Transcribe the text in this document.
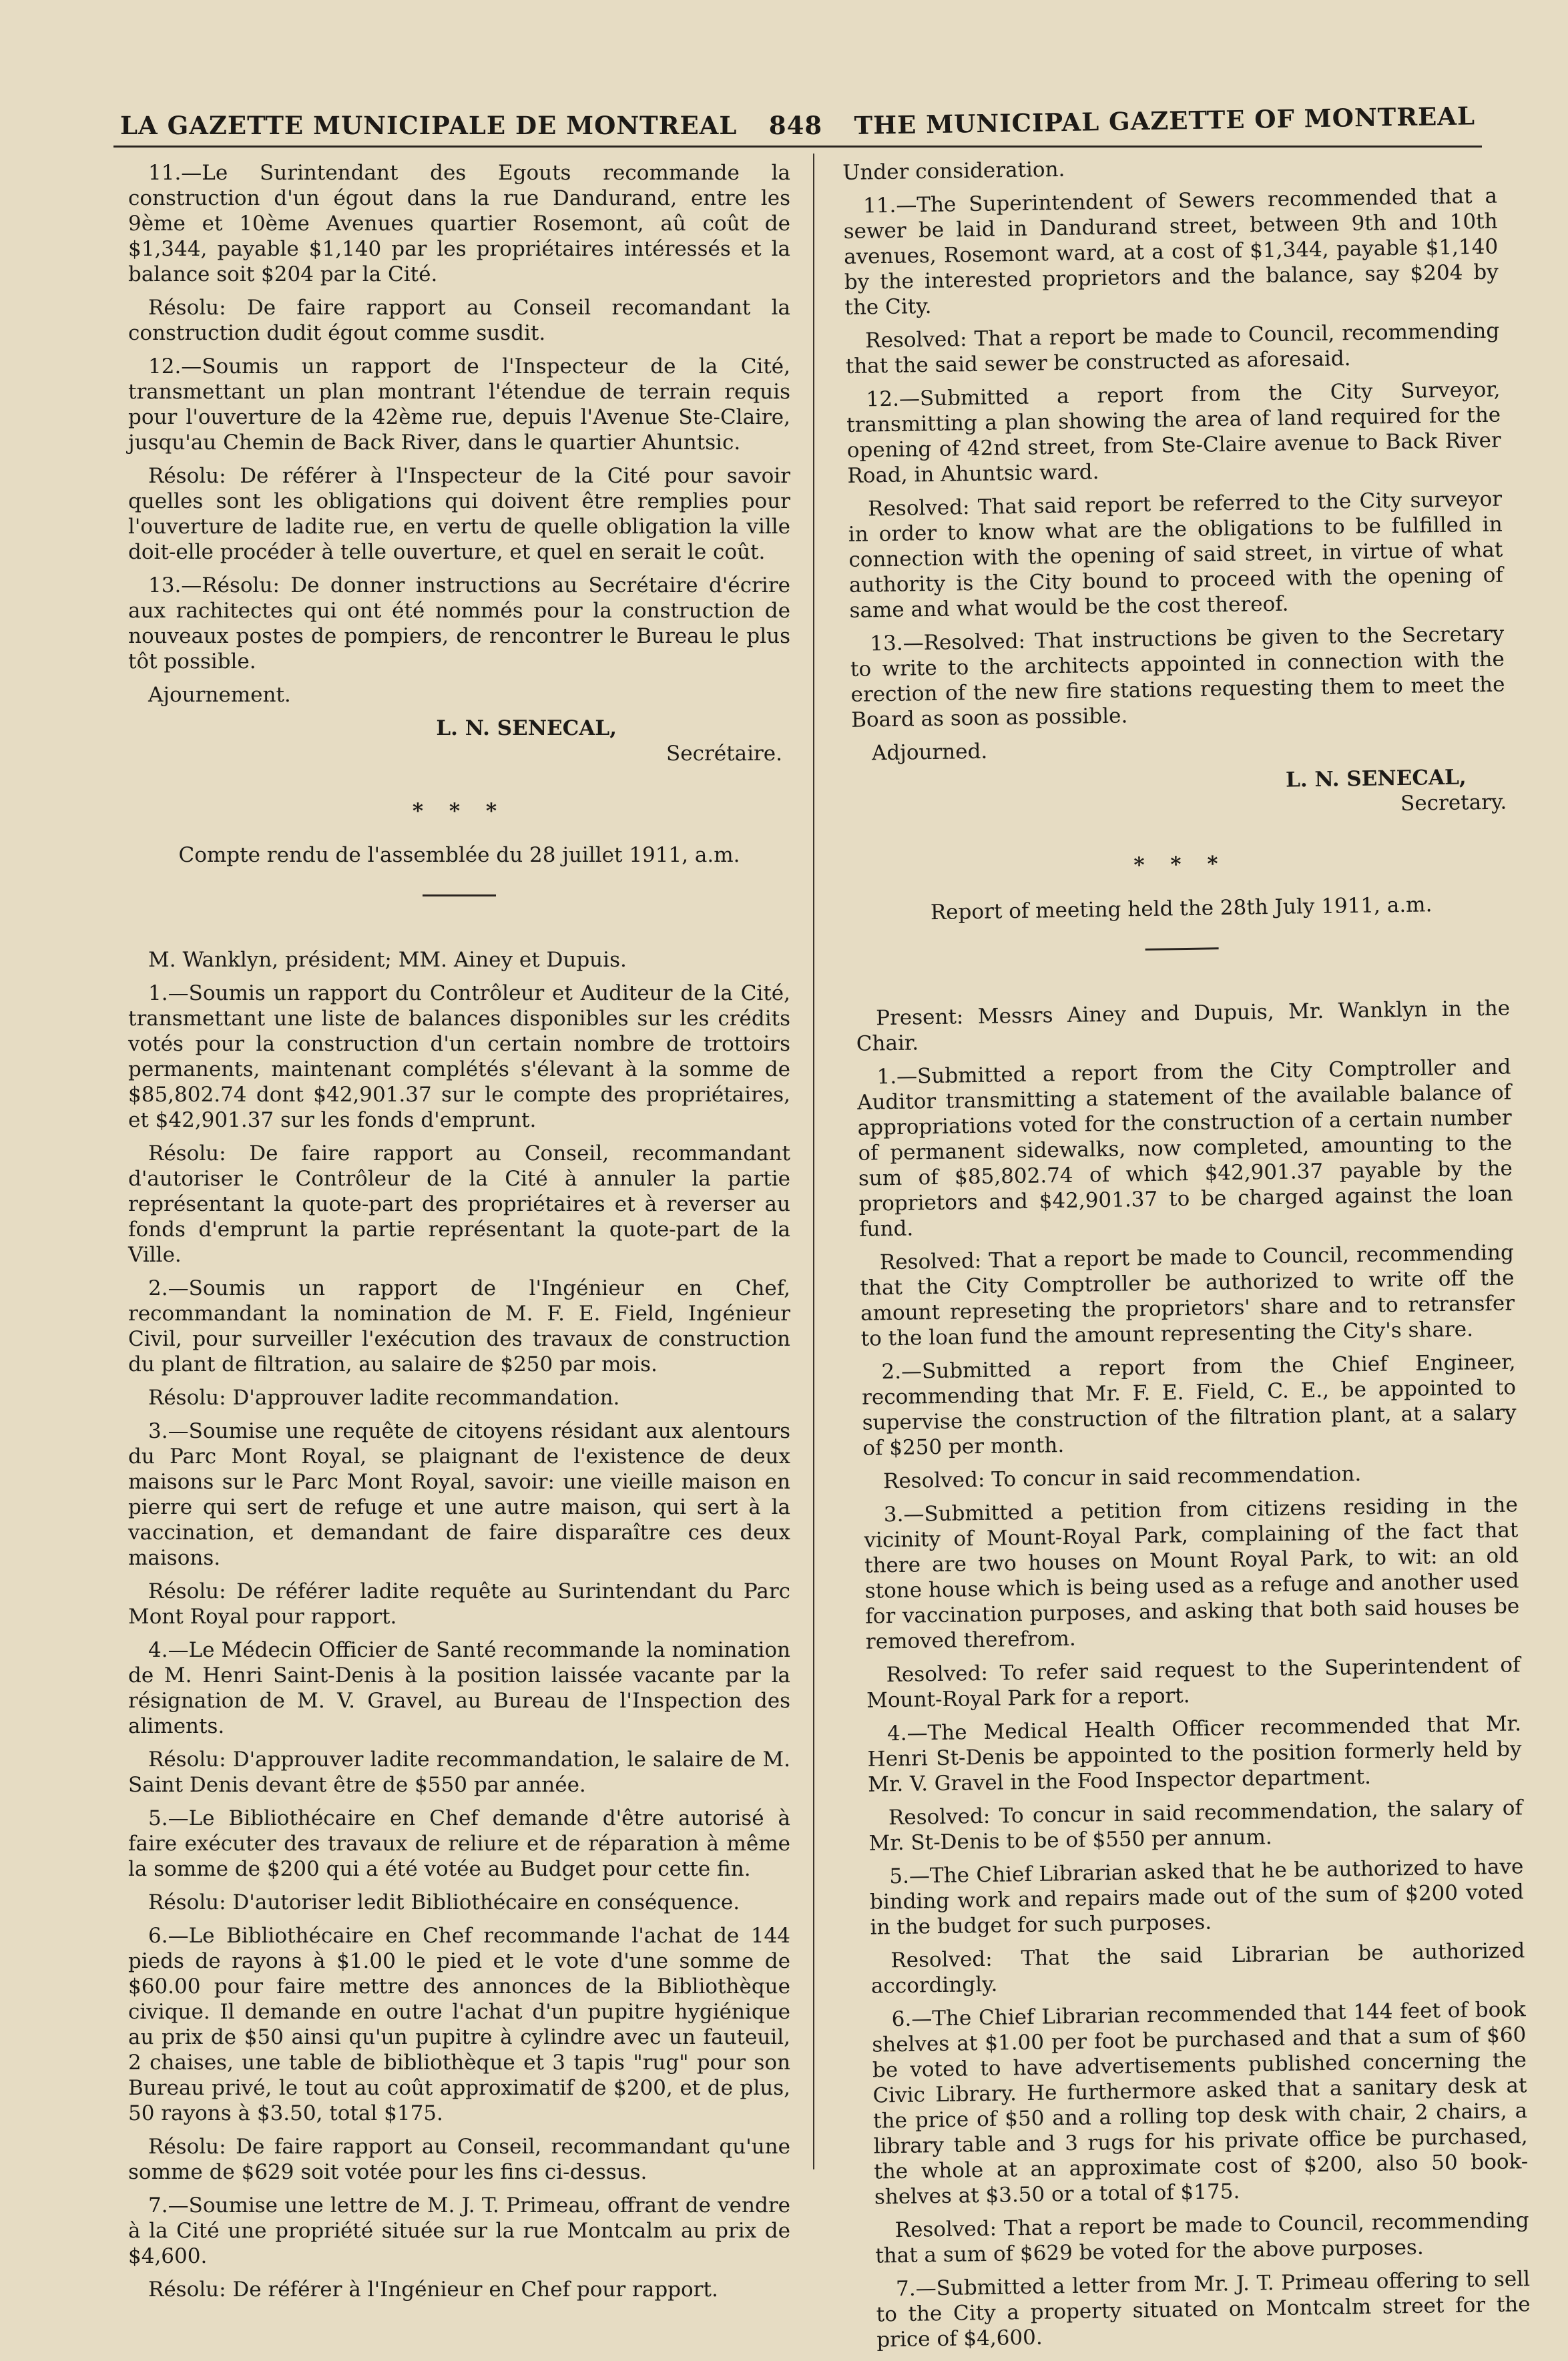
LA GAZETTE MUNICIPALE DE MONTREAL 848 THE MUNICIPAL GAZETTE OF MONTREAL

11.—Le Surintendant des Egouts recommande la construction d'un égout dans la rue Dandurand, entre les 9ème et 10ème Avenues quartier Rosemont, aû coût de $1,344, payable $1,140 par les propriétaires intéressés et la balance soit $204 par la Cité.

Résolu: De faire rapport au Conseil recomandant la construction dudit égout comme susdit.

12.—Soumis un rapport de l'Inspecteur de la Cité, transmettant un plan montrant l'étendue de terrain requis pour l'ouverture de la 42ème rue, depuis l'Avenue Ste-Claire, jusqu'au Chemin de Back River, dans le quartier Ahuntsic.

Résolu: De référer à l'Inspecteur de la Cité pour savoir quelles sont les obligations qui doivent être remplies pour l'ouverture de ladite rue, en vertu de quelle obligation la ville doit-elle procéder à telle ouverture, et quel en serait le coût.

13.—Résolu: De donner instructions au Secrétaire d'écrire aux rachitectes qui ont été nommés pour la construction de nouveaux postes de pompiers, de rencontrer le Bureau le plus tôt possible.

Ajournement.

L. N. SENECAL,

Secrétaire.

* * *

Compte rendu de l'assemblée du 28 juillet 1911, a.m.

M. Wanklyn, président; MM. Ainey et Dupuis.

1.—Soumis un rapport du Contrôleur et Auditeur de la Cité, transmettant une liste de balances disponibles sur les crédits votés pour la construction d'un certain nombre de trottoirs permanents, maintenant complétés s'élevant à la somme de $85,802.74 dont $42,901.37 sur le compte des propriétaires, et $42,901.37 sur les fonds d'emprunt.

Résolu: De faire rapport au Conseil, recommandant d'autoriser le Contrôleur de la Cité à annuler la partie représentant la quote-part des propriétaires et à reverser au fonds d'emprunt la partie représentant la quote-part de la Ville.

2.—Soumis un rapport de l'Ingénieur en Chef, recommandant la nomination de M. F. E. Field, Ingénieur Civil, pour surveiller l'exécution des travaux de construction du plant de filtration, au salaire de $250 par mois.

Résolu: D'approuver ladite recommandation.

3.—Soumise une requête de citoyens résidant aux alentours du Parc Mont Royal, se plaignant de l'existence de deux maisons sur le Parc Mont Royal, savoir: une vieille maison en pierre qui sert de refuge et une autre maison, qui sert à la vaccination, et demandant de faire disparaître ces deux maisons.

Résolu: De référer ladite requête au Surintendant du Parc Mont Royal pour rapport.

4.—Le Médecin Officier de Santé recommande la nomination de M. Henri Saint-Denis à la position laissée vacante par la résignation de M. V. Gravel, au Bureau de l'Inspection des aliments.

Résolu: D'approuver ladite recommandation, le salaire de M. Saint Denis devant être de $550 par année.

5.—Le Bibliothécaire en Chef demande d'être autorisé à faire exécuter des travaux de reliure et de réparation à même la somme de $200 qui a été votée au Budget pour cette fin.

Résolu: D'autoriser ledit Bibliothécaire en conséquence.

6.—Le Bibliothécaire en Chef recommande l'achat de 144 pieds de rayons à $1.00 le pied et le vote d'une somme de $60.00 pour faire mettre des annonces de la Bibliothèque civique. Il demande en outre l'achat d'un pupitre hygiénique au prix de $50 ainsi qu'un pupitre à cylindre avec un fauteuil, 2 chaises, une table de bibliothèque et 3 tapis "rug" pour son Bureau privé, le tout au coût approximatif de $200, et de plus, 50 rayons à $3.50, total $175.

Résolu: De faire rapport au Conseil, recommandant qu'une somme de $629 soit votée pour les fins ci-dessus.

7.—Soumise une lettre de M. J. T. Primeau, offrant de vendre à la Cité une propriété située sur la rue Montcalm au prix de $4,600.

Résolu: De référer à l'Ingénieur en Chef pour rapport.

Under consideration.

11.—The Superintendent of Sewers recommended that a sewer be laid in Dandurand street, between 9th and 10th avenues, Rosemont ward, at a cost of $1,344, payable $1,140 by the interested proprietors and the balance, say $204 by the City.

Resolved: That a report be made to Council, recommending that the said sewer be constructed as aforesaid.

12.—Submitted a report from the City Surveyor, transmitting a plan showing the area of land required for the opening of 42nd street, from Ste-Claire avenue to Back River Road, in Ahuntsic ward.

Resolved: That said report be referred to the City surveyor in order to know what are the obligations to be fulfilled in connection with the opening of said street, in virtue of what authority is the City bound to proceed with the opening of same and what would be the cost thereof.

13.—Resolved: That instructions be given to the Secretary to write to the architects appointed in connection with the erection of the new fire stations requesting them to meet the Board as soon as possible.

Adjourned.

L. N. SENECAL,

Secretary.

* * *

Report of meeting held the 28th July 1911, a.m.

Present: Messrs Ainey and Dupuis, Mr. Wanklyn in the Chair.

1.—Submitted a report from the City Comptroller and Auditor transmitting a statement of the available balance of appropriations voted for the construction of a certain number of permanent sidewalks, now completed, amounting to the sum of $85,802.74 of which $42,901.37 payable by the proprietors and $42,901.37 to be charged against the loan fund.

Resolved: That a report be made to Council, recommending that the City Comptroller be authorized to write off the amount represeting the proprietors' share and to retransfer to the loan fund the amount representing the City's share.

2.—Submitted a report from the Chief Engineer, recommending that Mr. F. E. Field, C. E., be appointed to supervise the construction of the filtration plant, at a salary of $250 per month.

Resolved: To concur in said recommendation.

3.—Submitted a petition from citizens residing in the vicinity of Mount-Royal Park, complaining of the fact that there are two houses on Mount Royal Park, to wit: an old stone house which is being used as a refuge and another used for vaccination purposes, and asking that both said houses be removed therefrom.

Resolved: To refer said request to the Superintendent of Mount-Royal Park for a report.

4.—The Medical Health Officer recommended that Mr. Henri St-Denis be appointed to the position formerly held by Mr. V. Gravel in the Food Inspector department.

Resolved: To concur in said recommendation, the salary of Mr. St-Denis to be of $550 per annum.

5.—The Chief Librarian asked that he be authorized to have binding work and repairs made out of the sum of $200 voted in the budget for such purposes.

Resolved: That the said Librarian be authorized accordingly.

6.—The Chief Librarian recommended that 144 feet of book shelves at $1.00 per foot be purchased and that a sum of $60 be voted to have advertisements published concerning the Civic Library. He furthermore asked that a sanitary desk at the price of $50 and a rolling top desk with chair, 2 chairs, a library table and 3 rugs for his private office be purchased, the whole at an approximate cost of $200, also 50 book-shelves at $3.50 or a total of $175.

Resolved: That a report be made to Council, recommending that a sum of $629 be voted for the above purposes.

7.—Submitted a letter from Mr. J. T. Primeau offering to sell to the City a property situated on Montcalm street for the price of $4,600.
